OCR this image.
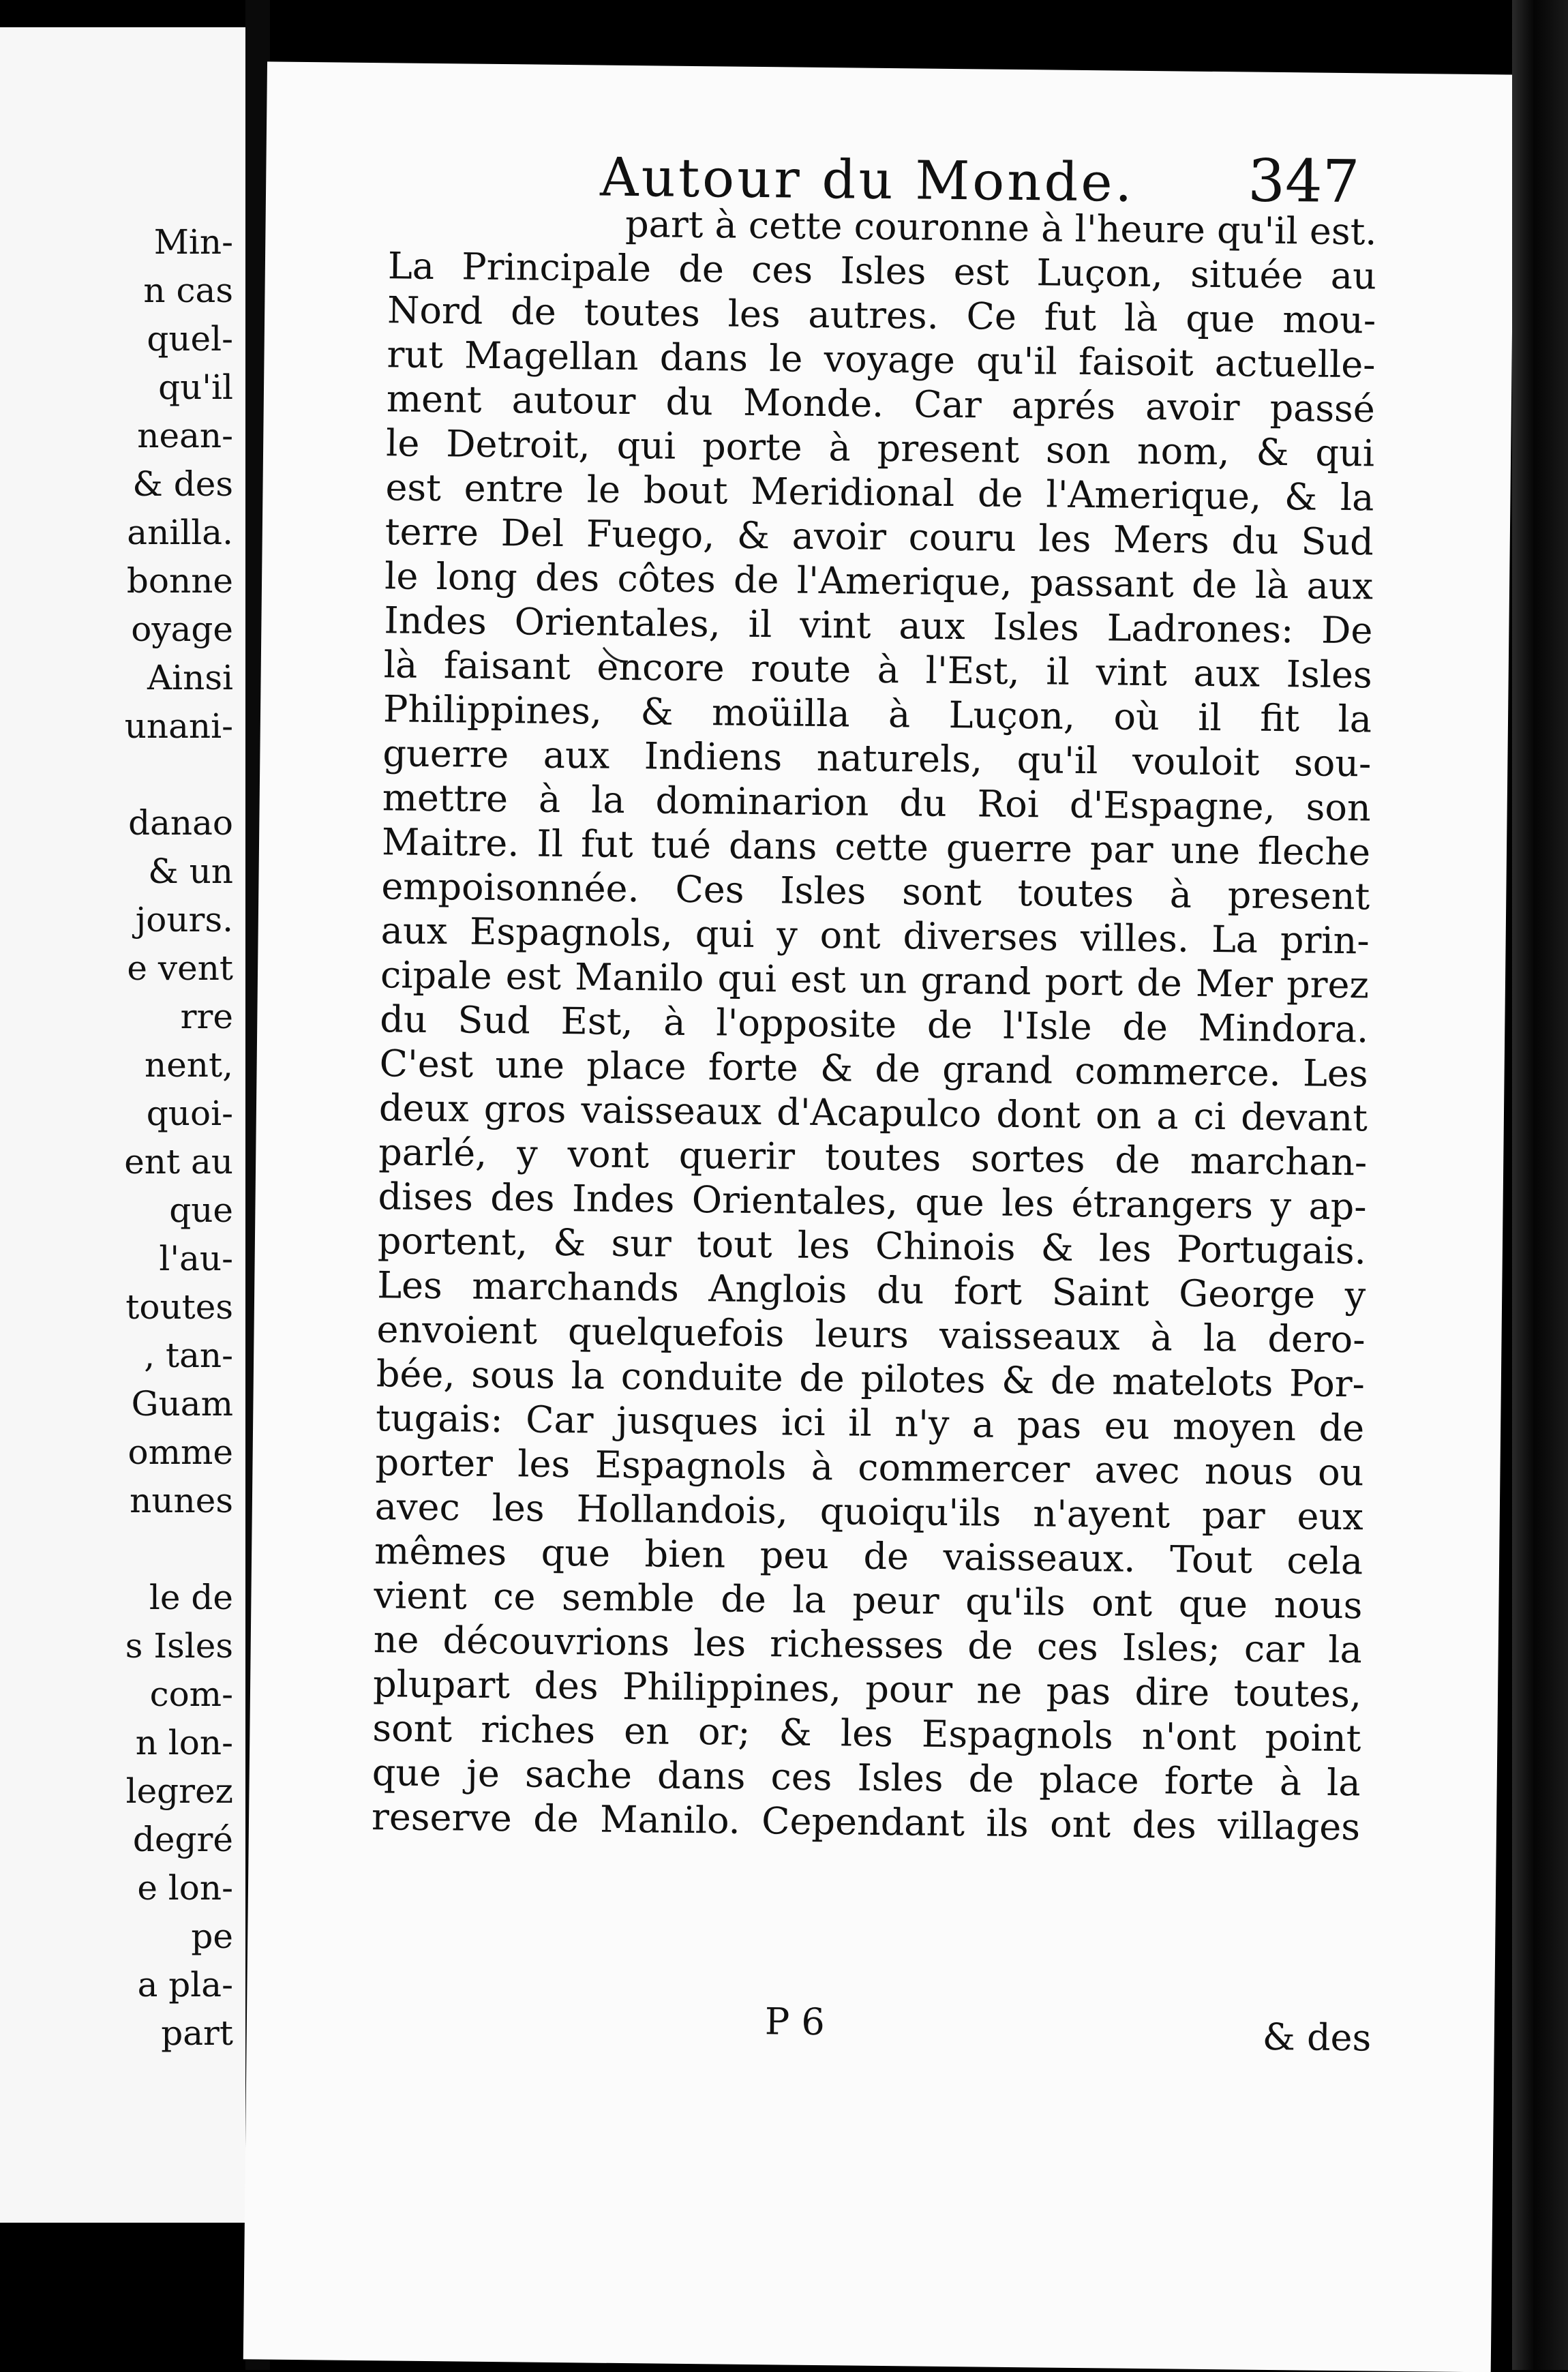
Min-
n cas
quel-
qu'il
nean-
& des
anilla.
bonne
oyage
Ainsi
unani-
danao
& un
jours.
e vent
rre
nent,
quoi-
ent au
que
l'au-
toutes
, tan-
Guam
omme
nunes
le de
s Isles
com-
n lon-
legrez
degré
e lon-
pe
a pla-
part
Autour du Monde. 347
part à cette couronne à l'heure qu'il est.
La Principale de ces Isles est Luçon, située au
Nord de toutes les autres. Ce fut là que mou-
rut Magellan dans le voyage qu'il faisoit actuelle-
ment autour du Monde. Car aprés avoir passé
le Detroit, qui porte à present son nom, & qui
est entre le bout Meridional de l'Amerique, & la
terre Del Fuego, & avoir couru les Mers du Sud
le long des côtes de l'Amerique, passant de là aux
Indes Orientales, il vint aux Isles Ladrones: De
là faisant encore route à l'Est, il vint aux Isles
Philippines, & moüilla à Luçon, où il fit la
guerre aux Indiens naturels, qu'il vouloit sou-
mettre à la dominarion du Roi d'Espagne, son
Maitre. Il fut tué dans cette guerre par une fleche
empoisonnée. Ces Isles sont toutes à present
aux Espagnols, qui y ont diverses villes. La prin-
cipale est Manilo qui est un grand port de Mer prez
du Sud Est, à l'opposite de l'Isle de Mindora.
C'est une place forte & de grand commerce. Les
deux gros vaisseaux d'Acapulco dont on a ci devant
parlé, y vont querir toutes sortes de marchan-
dises des Indes Orientales, que les étrangers y ap-
portent, & sur tout les Chinois & les Portugais.
Les marchands Anglois du fort Saint George y
envoient quelquefois leurs vaisseaux à la dero-
bée, sous la conduite de pilotes & de matelots Por-
tugais: Car jusques ici il n'y a pas eu moyen de
porter les Espagnols à commercer avec nous ou
avec les Hollandois, quoiqu'ils n'ayent par eux
mêmes que bien peu de vaisseaux. Tout cela
vient ce semble de la peur qu'ils ont que nous
ne découvrions les richesses de ces Isles; car la
plupart des Philippines, pour ne pas dire toutes,
sont riches en or; & les Espagnols n'ont point
que je sache dans ces Isles de place forte à la
reserve de Manilo. Cependant ils ont des villages
P 6	& des
